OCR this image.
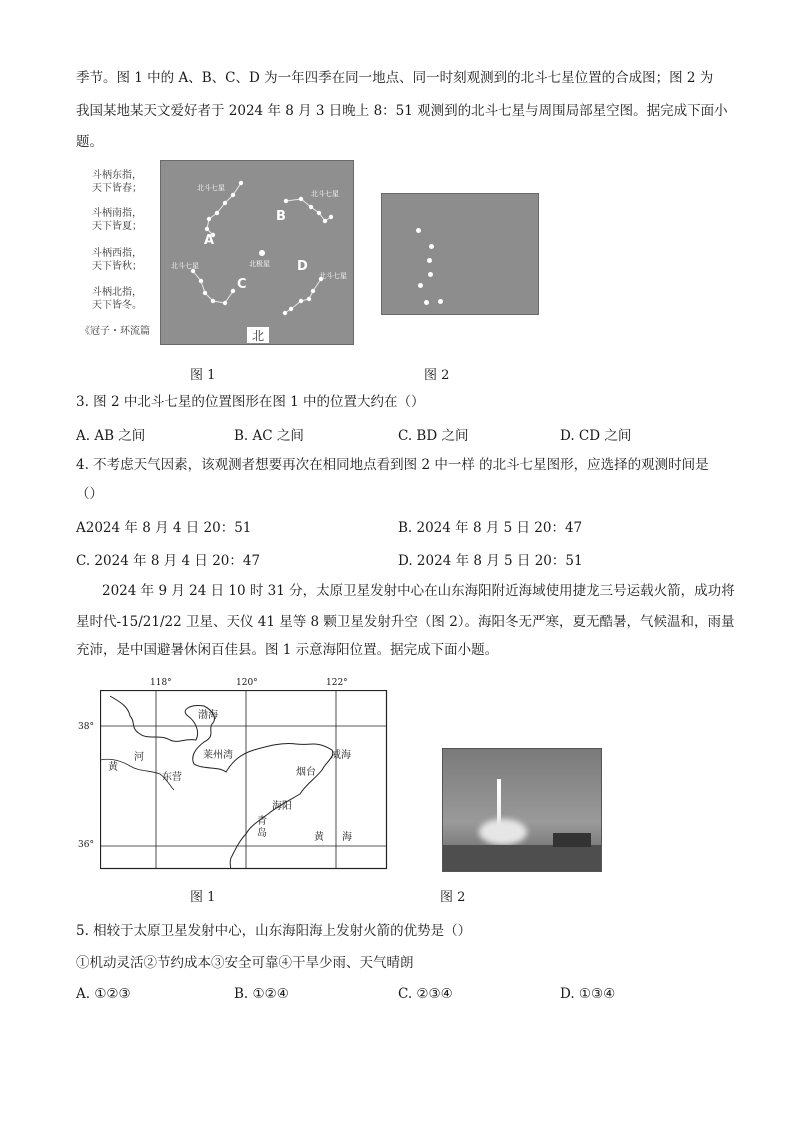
季节。图 1 中的 A、B、C、D 为一年四季在同一地点、同一时刻观测到的北斗七星位置的合成图；图 2 为
我国某地某天文爱好者于 2024 年 8 月 3 日晚上 8：51 观测到的北斗七星与周围局部星空图。据完成下面小
题。
斗柄东指，
天下皆春；
斗柄南指，
天下皆夏；
斗柄西指，
天下皆秋；
斗柄北指，
天下皆冬。
《冠子・环流篇
A
B
C
D
北斗七星
北斗七星
北斗七星
北斗七星
北极星
北
图 1	图 2
3. 图 2 中北斗七星的位置图形在图 1 中的位置大约在（）
A. AB 之间	B. AC 之间	C. BD 之间	D. CD 之间
4. 不考虑天气因素，该观测者想要再次在相同地点看到图 2 中一样 的北斗七星图形，应选择的观测时间是
（）
A2024 年 8 月 4 日 20：51	B. 2024 年 8 月 5 日 20：47
C. 2024 年 8 月 4 日 20：47	D. 2024 年 8 月 5 日 20：51
2024 年 9 月 24 日 10 时 31 分，太原卫星发射中心在山东海阳附近海域使用捷龙三号运载火箭，成功将
星时代-15/21/22 卫星、天仪 41 星等 8 颗卫星发射升空（图 2）。海阳冬无严寒，夏无酷暑，气候温和，雨量
充沛，是中国避暑休闲百佳县。图 1 示意海阳位置。据完成下面小题。
118°	120°	122°
38°
36°
渤海
莱州湾
黄
河
东营
威海
烟台
海阳
青
岛	黄 海
图 1	图 2
5. 相较于太原卫星发射中心，山东海阳海上发射火箭的优势是（）
①机动灵活②节约成本③安全可靠④干旱少雨、天气晴朗
A. ①②③	B. ①②④	C. ②③④	D. ①③④
